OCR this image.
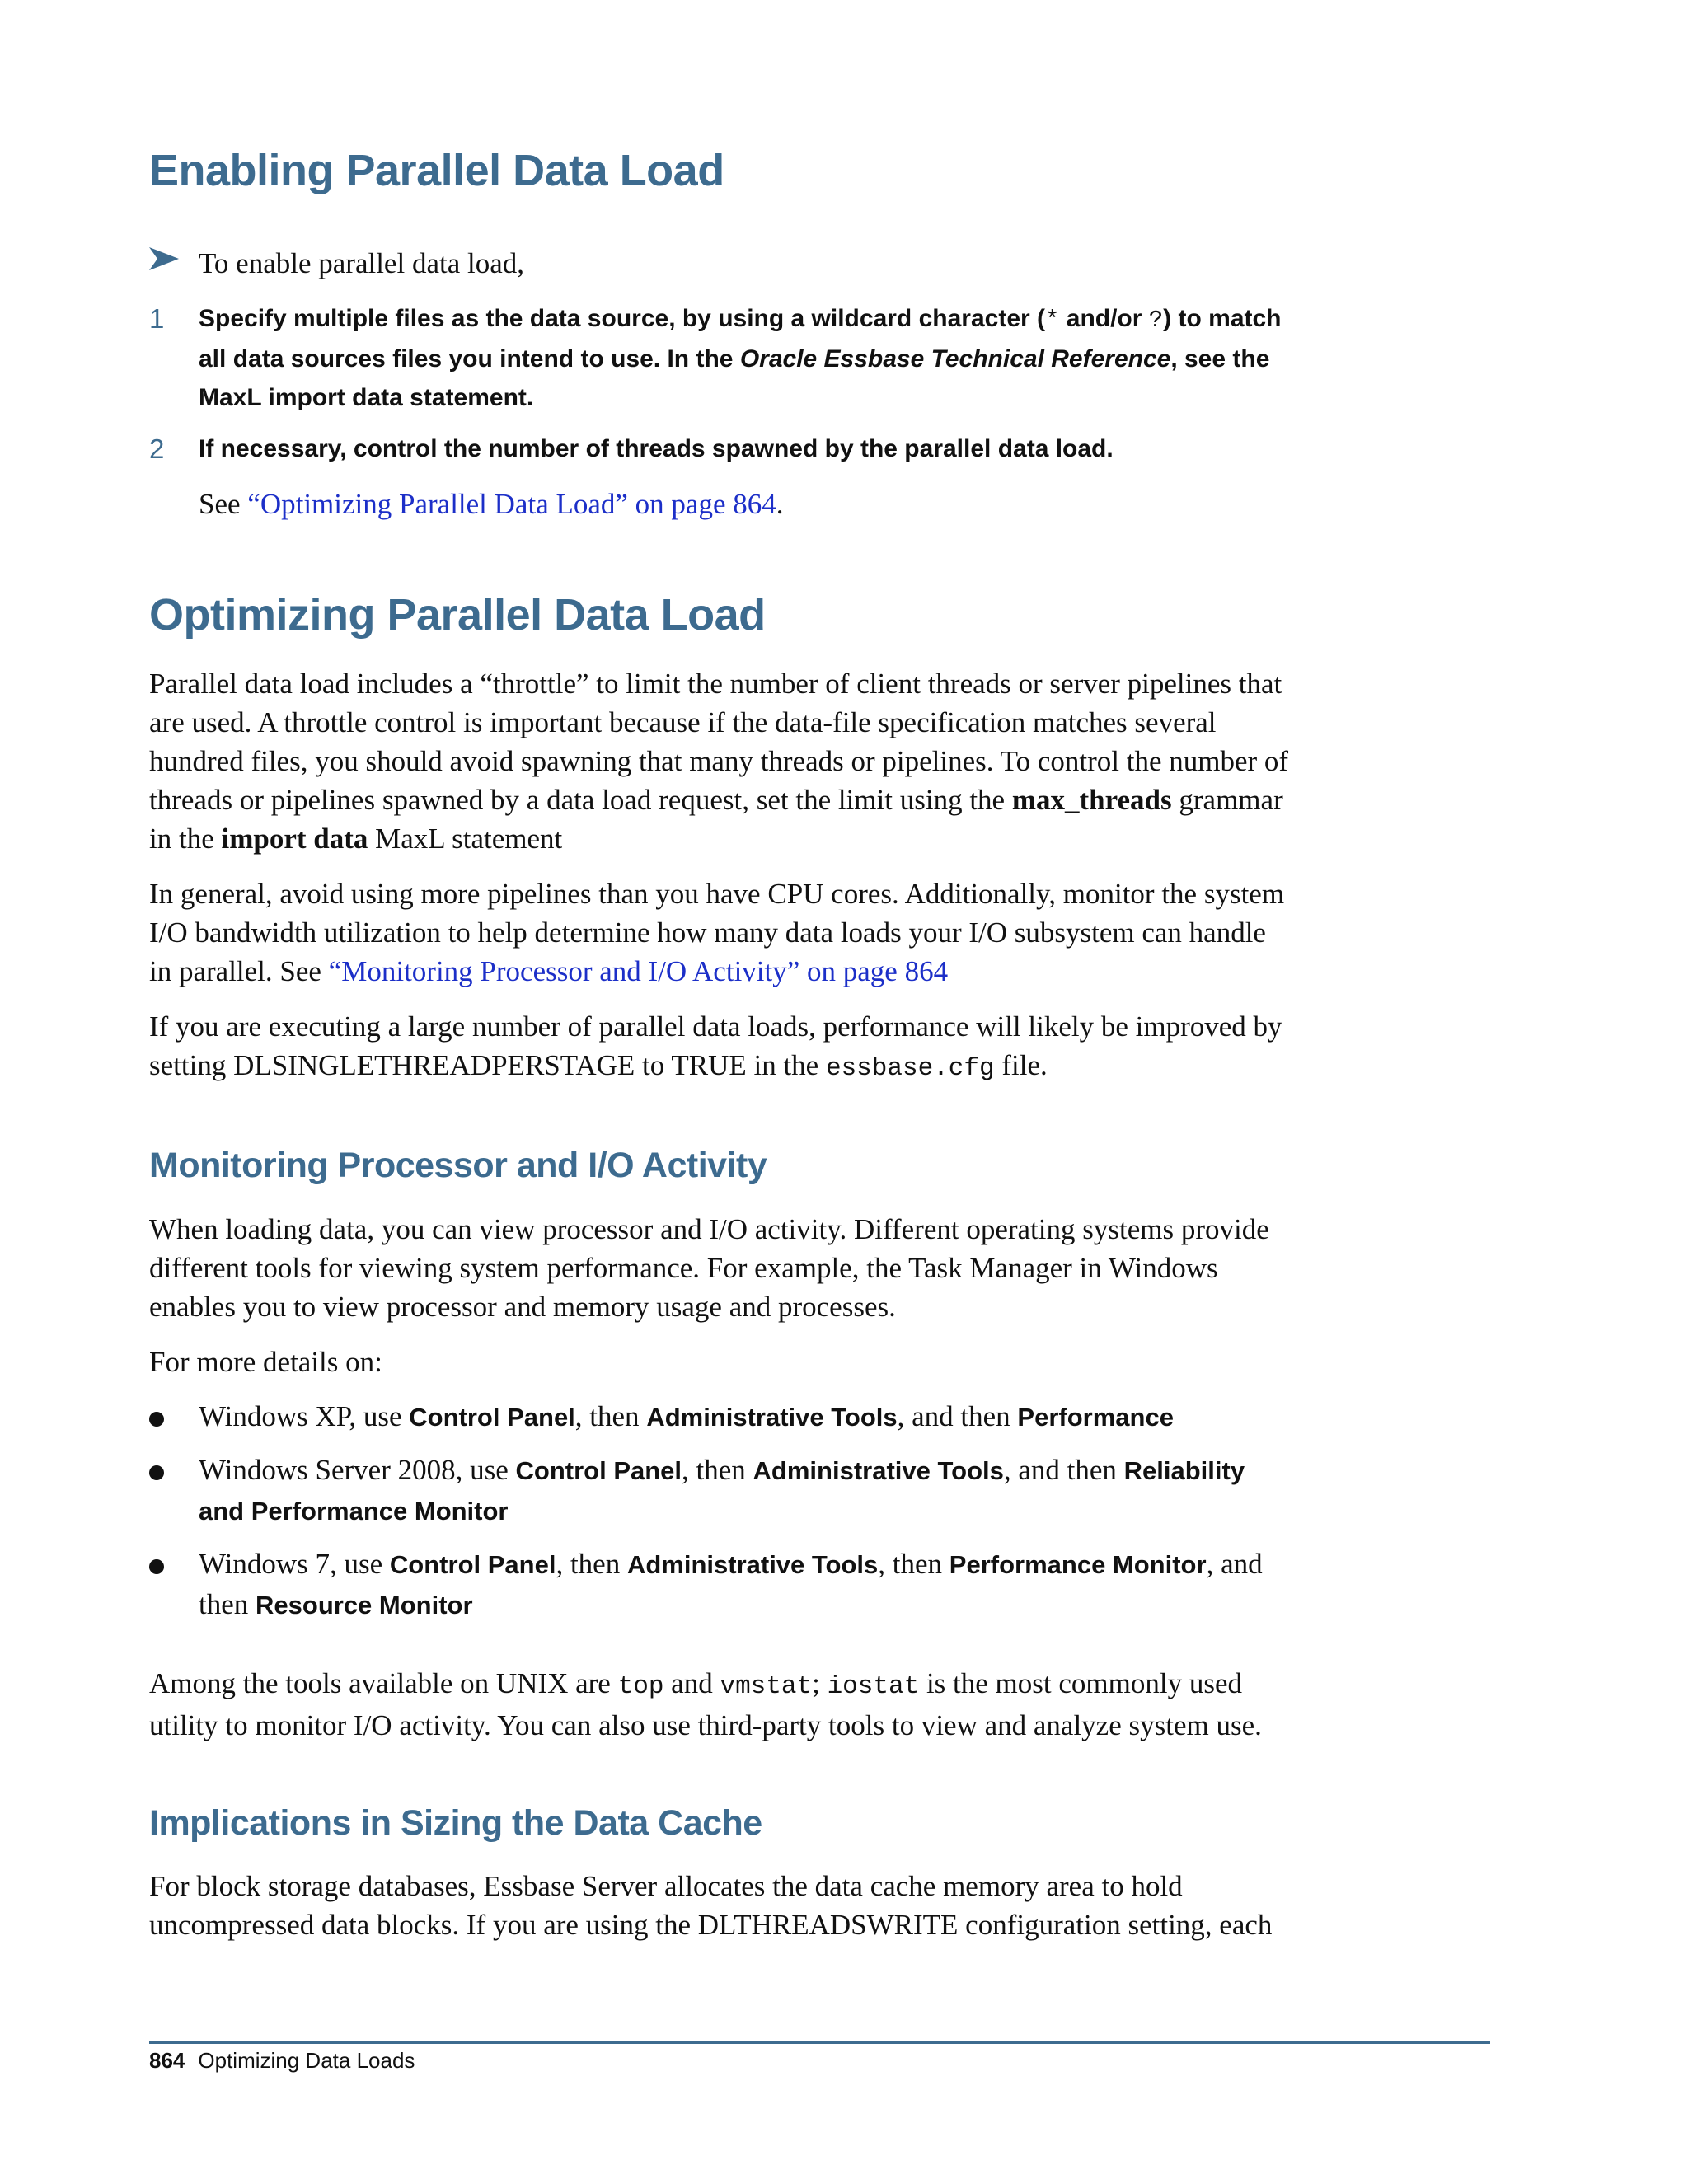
Enabling Parallel Data Load
To enable parallel data load,
1 Specify multiple files as the data source, by using a wildcard character (* and/or ?) to match all data sources files you intend to use. In the Oracle Essbase Technical Reference, see the MaxL import data statement.
2 If necessary, control the number of threads spawned by the parallel data load.
See “Optimizing Parallel Data Load” on page 864.
Optimizing Parallel Data Load

Parallel data load includes a “throttle” to limit the number of client threads or server pipelines that are used. A throttle control is important because if the data-file specification matches several hundred files, you should avoid spawning that many threads or pipelines. To control the number of threads or pipelines spawned by a data load request, set the limit using the max_threads grammar in the import data MaxL statement

In general, avoid using more pipelines than you have CPU cores. Additionally, monitor the system I/O bandwidth utilization to help determine how many data loads your I/O subsystem can handle in parallel. See “Monitoring Processor and I/O Activity” on page 864

If you are executing a large number of parallel data loads, performance will likely be improved by setting DLSINGLETHREADPERSTAGE to TRUE in the essbase.cfg file.

Monitoring Processor and I/O Activity

When loading data, you can view processor and I/O activity. Different operating systems provide different tools for viewing system performance. For example, the Task Manager in Windows enables you to view processor and memory usage and processes.

For more details on:

Windows XP, use Control Panel, then Administrative Tools, and then Performance
Windows Server 2008, use Control Panel, then Administrative Tools, and then Reliability and Performance Monitor
Windows 7, use Control Panel, then Administrative Tools, then Performance Monitor, and then Resource Monitor

Among the tools available on UNIX are top and vmstat; iostat is the most commonly used utility to monitor I/O activity. You can also use third-party tools to view and analyze system use.

Implications in Sizing the Data Cache

For block storage databases, Essbase Server allocates the data cache memory area to hold uncompressed data blocks. If you are using the DLTHREADSWRITE configuration setting, each

864 Optimizing Data Loads
